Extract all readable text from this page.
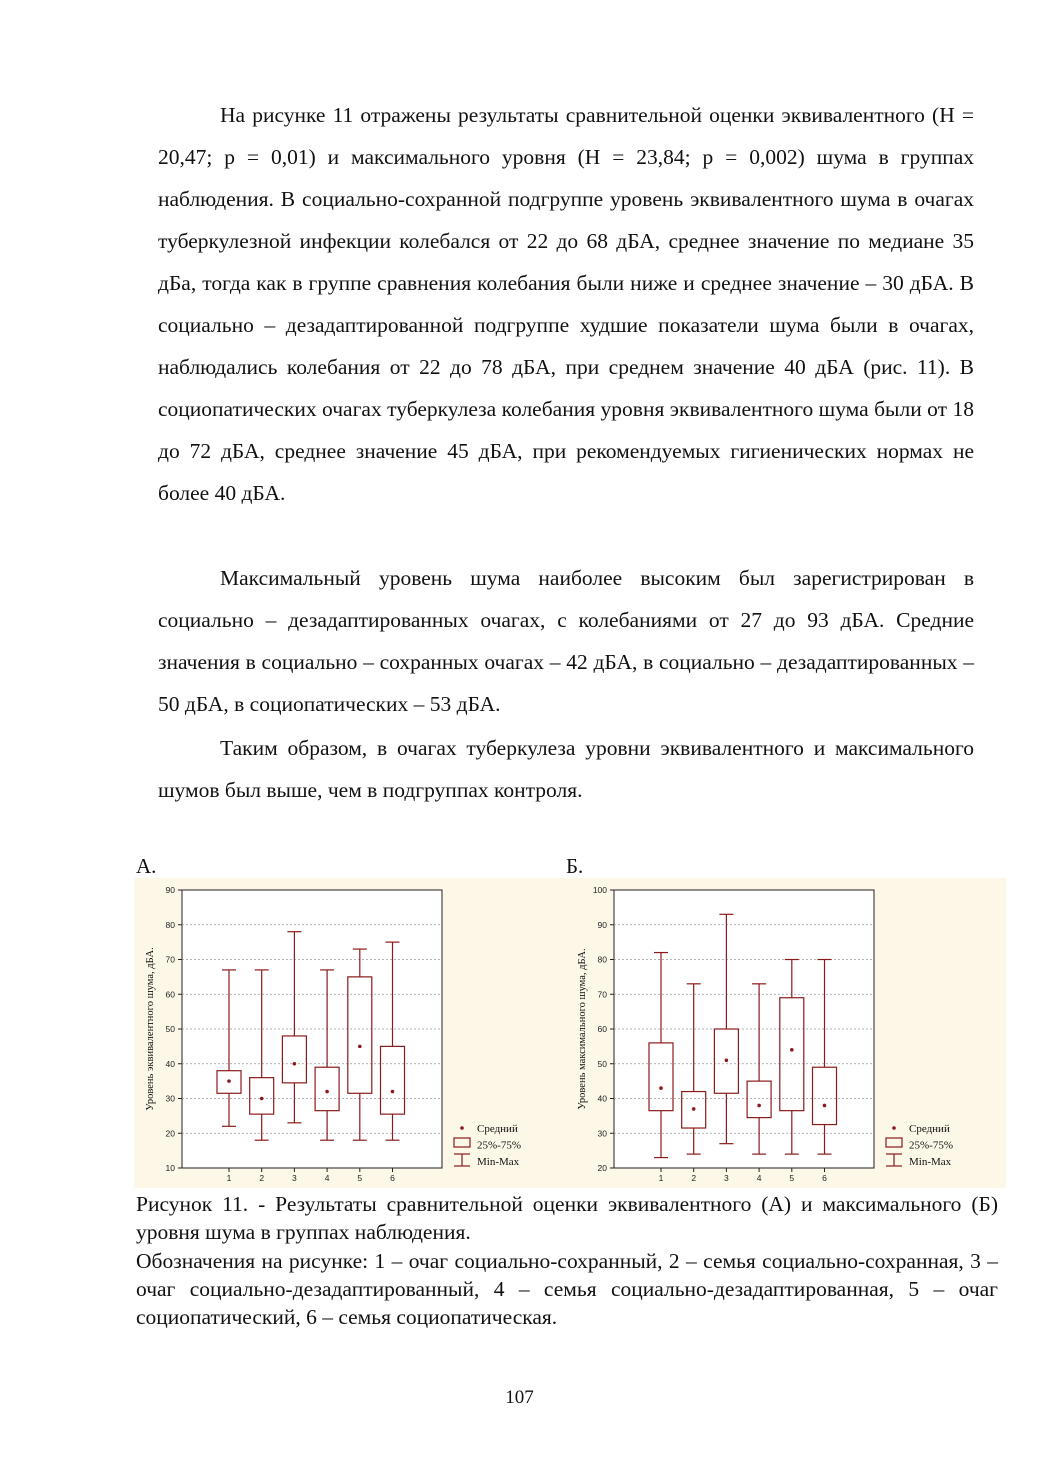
На рисунке 11 отражены результаты сравнительной оценки эквивалентного (H = 20,47; p = 0,01) и максимального уровня (H = 23,84; p = 0,002) шума в группах наблюдения. В социально-сохранной подгруппе уровень эквивалентного шума в очагах туберкулезной инфекции колебался от 22 до 68 дБА, среднее значение по медиане 35 дБа, тогда как в группе сравнения колебания были ниже и среднее значение – 30 дБА. В социально – дезадаптированной подгруппе худшие показатели шума были в очагах, наблюдались колебания от 22 до 78 дБА, при среднем значение 40 дБА (рис. 11). В социопатических очагах туберкулеза колебания уровня эквивалентного шума были от 18 до 72 дБА, среднее значение 45 дБА, при рекомендуемых гигиенических нормах не более 40 дБА.

Максимальный уровень шума наиболее высоким был зарегистрирован в социально – дезадаптированных очагах, с колебаниями от 27 до 93 дБА. Средние значения в социально – сохранных очагах – 42 дБА, в социально – дезадаптированных – 50 дБА, в социопатических – 53 дБА.

Таким образом, в очагах туберкулеза уровни эквивалентного и максимального шумов был выше, чем в подгруппах контроля.

А.	Б.
10
20
30
40
50
60
70
80
90
Уровень эквивалентного шума, дБА.
1	2	3	4	5	6
Средний
25%-75%
Min-Max	20
30
40
50
60
70
80
90
100
Уровень максимального шума, дБА.
1	2	3	4	5	6
Средний
25%-75%
Min-Max

Рисунок 11. - Результаты сравнительной оценки эквивалентного (А) и максимального (Б) уровня шума в группах наблюдения.

Обозначения на рисунке: 1 – очаг социально-сохранный, 2 – семья социально-сохранная, 3 – очаг социально-дезадаптированный, 4 – семья социально-дезадаптированная, 5 – очаг социопатический, 6 – семья социопатическая.

107
